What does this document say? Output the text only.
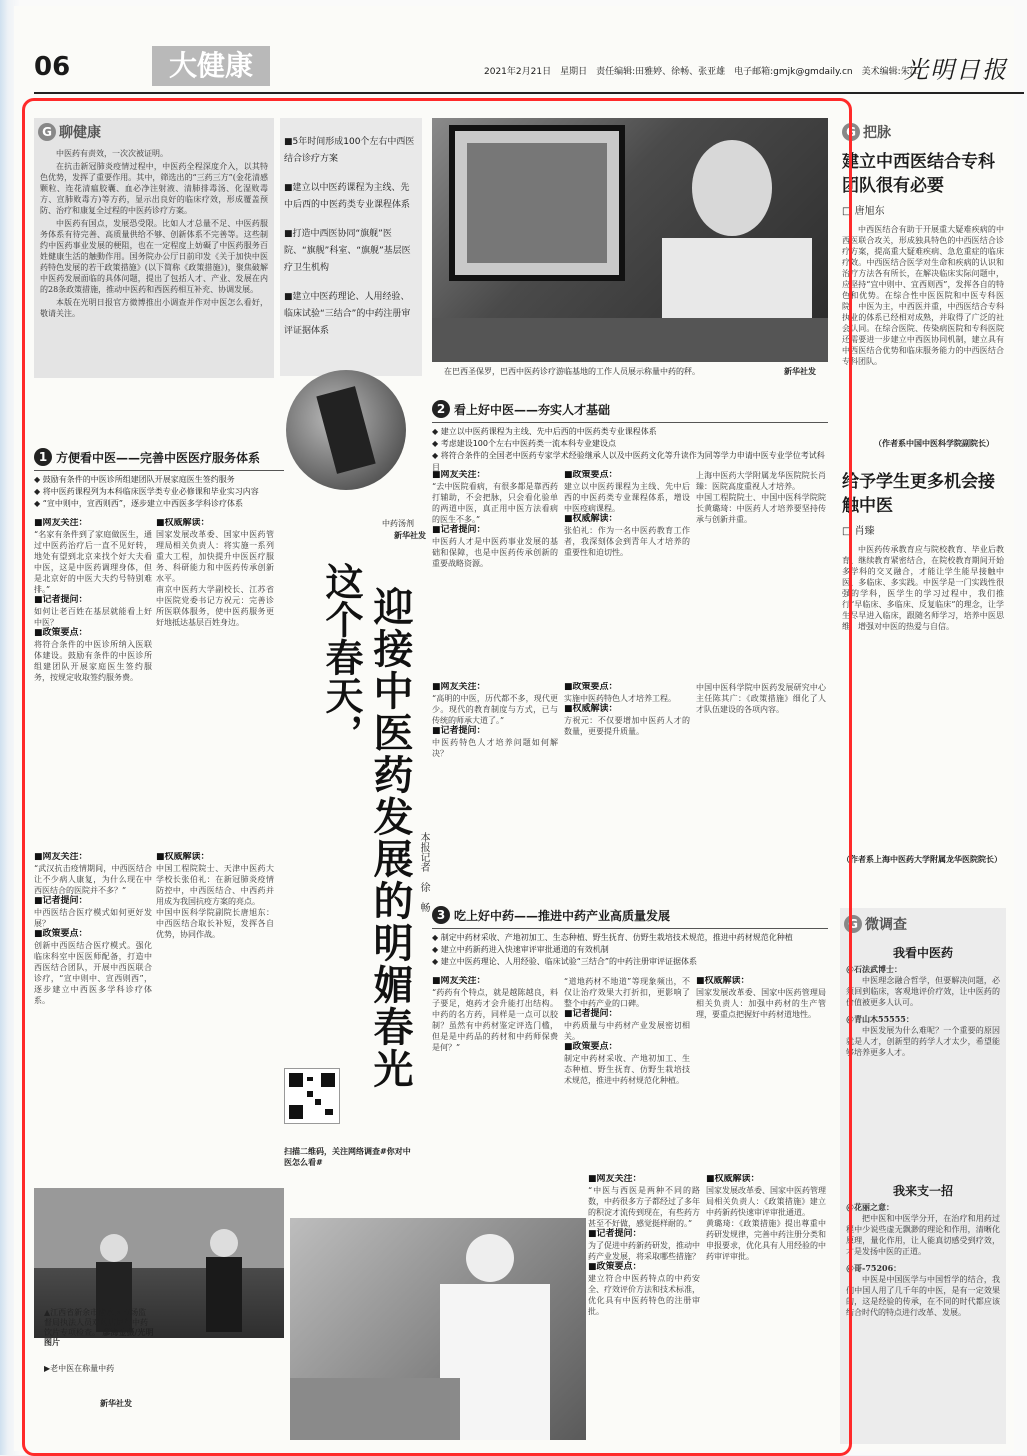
06	大健康	2021年2月21日　星期日　责任编辑:田雅婷、徐畅、张亚雄　电子邮箱:gmjk@gmdaily.cn　美术编辑:朱江
光明日报
G 聊健康

中医药有责效，一次次被证明。

在抗击新冠肺炎疫情过程中，中医药全程深度介入，以其特色优势，发挥了重要作用。其中，筛选出的“三药三方”(金花清感颗粒、连花清瘟胶囊、血必净注射液、清肺排毒汤、化湿败毒方、宣肺败毒方)等方药，显示出良好的临床疗效，形成覆盖预防、治疗和康复全过程的中医药诊疗方案。

中医药有国点，发展恐受限。比如人才总量不足、中医药服务体系有待完善、高质量供给不够、创新体系不完善等。这些制约中医药事业发展的梗阻，也在一定程度上妨礙了中医药服务百姓健康生活的触動作用。国务院办公厅日前印发《关于加快中医药特色发展的若干政策措施》(以下简称《政策措施》)，聚焦破解中医药发展面临的具体问题，提出了包括人才、产业、发展在内的28条政策措施，推动中医药和西医药相互补充、协调发展。

本版在光明日报官方微博推出小调查并作对中医怎么看好，敬请关注。

■5年时间形成100个左右中西医结合诊疗方案
■建立以中医药课程为主线、先中后西的中医药类专业课程体系
■打造中西医协同“旗舰”医院、“旗舰”科室、“旗舰”基层医疗卫生机构
■建立中医药理论、人用经验、临床试验“三结合”的中药注册审评证据体系
在巴西圣保罗，巴西中医药诊疗游临基地的工作人员展示称量中药的秤。	新华社发
中药汤剂
新华社发
1 方便看中医——完善中医医疗服务体系
◆ 鼓励有条件的中医诊所组建团队开展家庭医生签约服务
◆ 将中医药课程列为本科临床医学类专业必修课和毕业实习内容
◆ “宣中则中，宣西则西”，逐步建立中西医多学科诊疗体系
■网友关注：
“名家有条件到了家庭做医生，通过中医药治疗后一直不见好转，地处有望到北京来找个好大夫看中医，这是中医药调理身体，但是北京好的中医大夫约号特别难排。”
■记者提问：
如何让老百姓在基层就能看上好中医？
■政策要点：
将符合条件的中医诊所纳入医联体建设。鼓励有条件的中医诊所组建团队开展家庭医生签约服务，按规定收取签约服务费。
■权威解读：
国家发展改革委、国家中医药管理局相关负责人：将实施一系列重大工程，加快提升中医医疗服务、科研能力和中医药传承创新水平。
南京中医药大学副校长、江苏省中医院党委书记方祝元：完善诊所医联体服务，使中医药服务更好地抵达基层百姓身边。
■网友关注：
“武汉抗击疫情期间，中西医结合让不少病人康复，为什么现在中西医结合的医院并不多？”
■记者提问：
中西医结合医疗模式如何更好发展？
■政策要点：
创新中西医结合医疗模式。强化临床科室中医医师配备，打造中西医结合团队，开展中西医联合诊疗，“宣中则中、宣西则西”，逐步建立中西医多学科诊疗体系。
■权威解读：
中国工程院院士、天津中医药大学校长张伯礼：在新冠肺炎疫情防控中，中西医结合、中西药并用成为我国抗疫方案的亮点。
中国中医科学院副院长唐旭东：中西医结合取长补短，发挥各自优势，协同作战。
这个春天， 迎接中医药发展的明媚春光 本报记者　徐　畅
2 看上好中医——夯实人才基础
◆ 建立以中医药课程为主线、先中后西的中医药类专业课程体系
◆ 考虑建设100个左右中医药类一流本科专业建设点
◆ 将符合条件的全国老中医药专家学术经验继承人以及中医药文化等升读作为同等学力申请中医专业学位考试科目
■网友关注：
“去中医院看病，有很多都是靠西药打辅助，不会把脉，只会看化验单的两道中医，真正用中医方法看病的医生不多。”
■记者提问：
中医药人才是中医药事业发展的基础和保障，也是中医药传承创新的重要战略资源。
■政策要点：
建立以中医药课程为主线、先中后西的中医药类专业课程体系，增设中医疫病课程。
■权威解读：
张伯礼：作为一名中医药教育工作者，我深刻体会到青年人才培养的重要性和迫切性。
上海中医药大学附属龙华医院院长肖臻：医院高度重视人才培养。
中国工程院院士、中国中医科学院院长黄璐琦：中医药人才培养要坚持传承与创新并重。
■网友关注：
“高明的中医，历代都不多，现代更少。现代的教育制度与方式，已与传统的师承大道了。”
■记者提问：
中医药特色人才培养问题如何解决？
■政策要点：
实施中医药特色人才培养工程。
■权威解读：
方祝元：不仅要增加中医药人才的数量，更要提升质量。
中国中医科学院中医药发展研究中心主任陈其广：《政策措施》细化了人才队伍建设的各项内容。
3 吃上好中药——推进中药产业高质量发展
◆ 制定中药材采收、产地初加工、生态种植、野生抚育、仿野生栽培技术规范，推进中药材规范化种植
◆ 建立中药新药进入快速审评审批通道的有效机制
◆ 建立中医药理论、人用经验、临床试验“三结合”的中药注册审评证据体系
■网友关注：
“药药有个特点，就是越陈越良，料子要足，炮药才会升能打出结构。中药的名方药，同样是一点可以胶制？虽然有中药材鉴定评选门槛，但是是中药品的药材和中药师保费是何？”
“道地药材不地道”等现象频出，不仅让治疗效果大打折扣，更影响了整个中药产业的口碑。
■记者提问：
中药质量与中药材产业发展密切相关。
■政策要点：
制定中药材采收、产地初加工、生态种植、野生抚育、仿野生栽培技术规范，推进中药材规范化种植。
■权威解读：
国家发展改革委、国家中医药管理局相关负责人：加强中药材的生产管理，要重点把握好中药材道地性。
■网友关注：
“中医与西医是两种不同的路数，中药很多方子都经过了多年的积淀才流传到现在，有些药方甚至不好做，感觉挺样耐的。”
■记者提问：
为了促进中药新药研发，推动中药产业发展，将采取哪些措施？
■政策要点：
建立符合中医药特点的中药安全、疗效评价方法和技术标准，优化具有中医药特色的注册审批。
■权威解读：
国家发展改革委、国家中医药管理局相关负责人：《政策措施》建立中药新药快速审评审批通道。
黄璐琦：《政策措施》提出尊重中药研发规律，完善中药注册分类和申报要求，优化具有人用经验的中药审评审批。
扫描二维码，关注网络调查#你对中医怎么看#
▲江西省新余市渝水区市场监督局执法人员对药店进行中药饮片专项检查。 廖海金摄/光明图片
▶老中医在称量中药
新华社发
G 把脉
建立中西医结合专科团队很有必要
□ 唐旭东
中西医结合有助于开展重大疑难疾病的中西医联合攻关，形成独具特色的中西医结合诊疗方案，提高重大疑难疾病、急危重症的临床疗效。中西医结合医学对生命和疾病的认识和治疗方法各有所长，在解决临床实际问题中，应坚持“宜中则中、宜西则西”，发挥各自的特色和优势。在综合性中医医院和中医专科医院，中医为主，中西医并重，中西医结合专科执业的体系已经相对成熟，并取得了广泛的社会认同。在综合医院、传染病医院和专科医院还需要进一步建立中西医协同机制，建立具有中西医结合优势和临床服务能力的中西医结合专科团队。
（作者系中国中医科学院副院长）
给予学生更多机会接触中医
□ 肖臻
中医药传承教育应与院校教育、毕业后教育、继续教育紧密结合，在院校教育期间开始多学科的交叉融合，才能让学生能早接触中医、多临床、多实践。中医学是一门实践性很强的学科，医学生的学习过程中，我们推行“早临床、多临床、反复临床”的理念，让学生尽早进入临床，跟随名师学习，培养中医思维，增强对中医的热爱与自信。
（作者系上海中医药大学附属龙华医院院长）
G 微调查
我看中医药
@石法武博士：
中医理念融合哲学，但要解决问题，必须回到临床，客观地评价疗效，让中医药的价值被更多人认可。
@青山木55555：
中医发展为什么难呢？一个重要的原因就是人才，创新型的药学人才太少，希望能够培养更多人才。
我来支一招
@花丽之意：
把中医和中医学分开，在治疗和用药过程中少说些虚无飘渺的理论和作用，清晰化原理，量化作用，让人能真切感受到疗效，才是发扬中医的正道。
@哥-75206：
中医是中国医学与中国哲学的结合，我们中国人用了几千年的中医，是有一定效果的，这是经验的传承，在不同的时代都应该结合时代的特点进行改革、发展。
